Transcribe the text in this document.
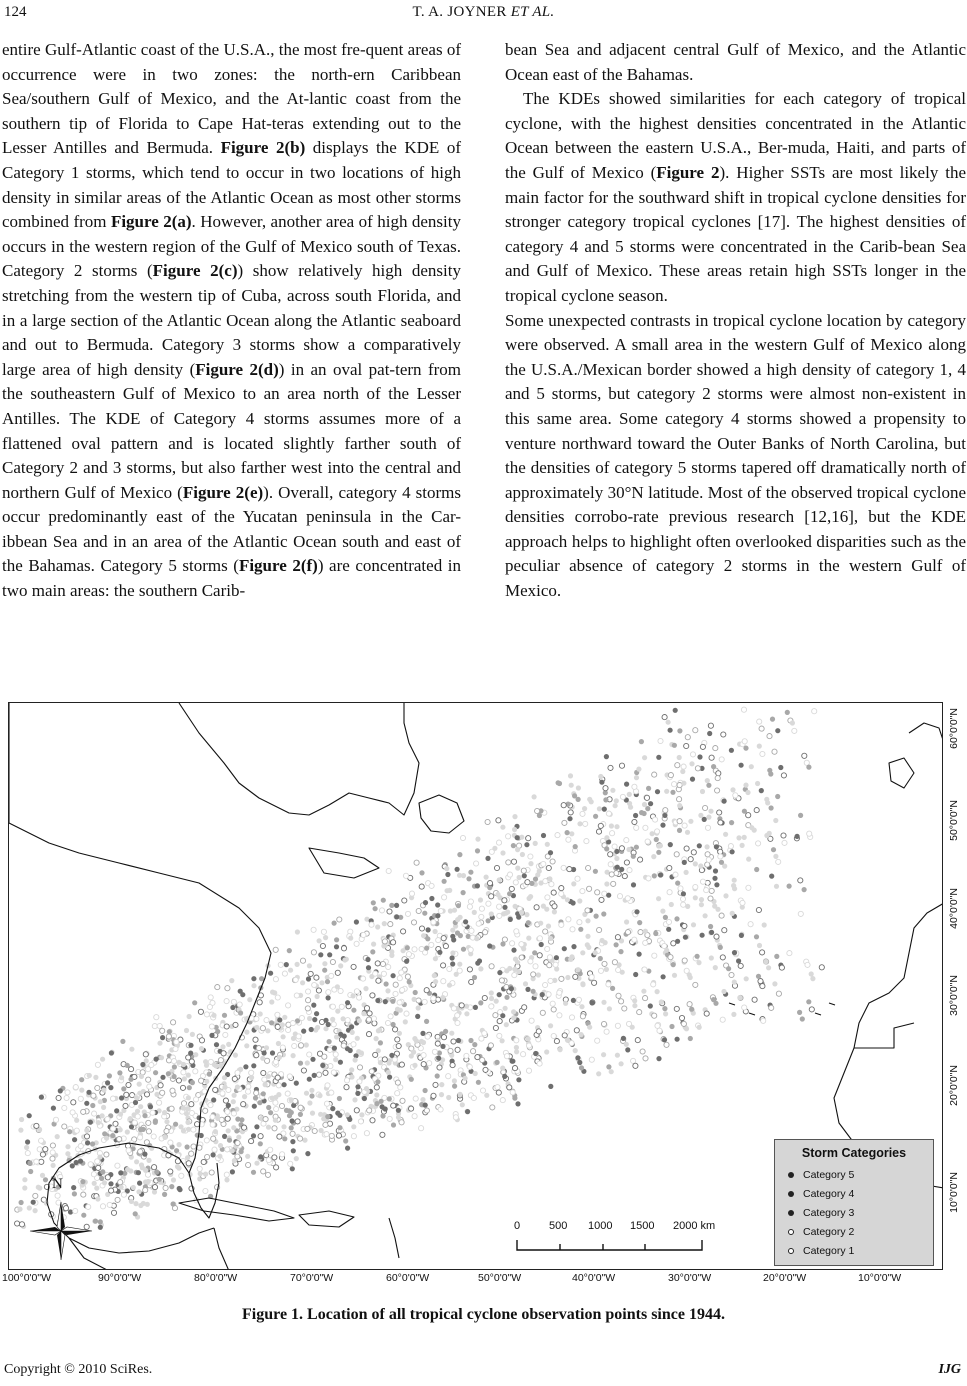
124	T. A. JOYNER ET AL.

entire Gulf-Atlantic coast of the U.S.A., the most fre-quent areas of occurrence were in two zones: the north-ern Caribbean Sea/southern Gulf of Mexico, and the At-lantic coast from the southern tip of Florida to Cape Hat-teras extending out to the Lesser Antilles and Bermuda. Figure 2(b) displays the KDE of Category 1 storms, which tend to occur in two locations of high density in similar areas of the Atlantic Ocean as most other storms combined from Figure 2(a). However, another area of high density occurs in the western region of the Gulf of Mexico south of Texas. Category 2 storms (Figure 2(c)) show relatively high density stretching from the western tip of Cuba, across south Florida, and in a large section of the Atlantic Ocean along the Atlantic seaboard and out to Bermuda. Category 3 storms show a comparatively large area of high density (Figure 2(d)) in an oval pat-tern from the southeastern Gulf of Mexico to an area north of the Lesser Antilles. The KDE of Category 4 storms assumes more of a flattened oval pattern and is located slightly farther south of Category 2 and 3 storms, but also farther west into the central and northern Gulf of Mexico (Figure 2(e)). Overall, category 4 storms occur predominantly east of the Yucatan peninsula in the Car-ibbean Sea and in an area of the Atlantic Ocean south and east of the Bahamas. Category 5 storms (Figure 2(f)) are concentrated in two main areas: the southern Carib-

bean Sea and adjacent central Gulf of Mexico, and the Atlantic Ocean east of the Bahamas.

The KDEs showed similarities for each category of tropical cyclone, with the highest densities concentrated in the Atlantic Ocean between the eastern U.S.A., Ber-muda, Haiti, and parts of the Gulf of Mexico (Figure 2). Higher SSTs are most likely the main factor for the southward shift in tropical cyclone densities for stronger category tropical cyclones [17]. The highest densities of category 4 and 5 storms were concentrated in the Carib-bean Sea and Gulf of Mexico. These areas retain high SSTs longer in the tropical cyclone season.

Some unexpected contrasts in tropical cyclone location by category were observed. A small area in the western Gulf of Mexico along the U.S.A./Mexican border showed a high density of category 1, 4 and 5 storms, but category 2 storms were almost non-existent in this same area. Some category 4 storms showed a propensity to venture northward toward the Outer Banks of North Carolina, but the densities of category 5 storms tapered off dramatically north of approximately 30°N latitude. Most of the observed tropical cyclone densities corrobo-rate previous research [12,16], but the KDE approach helps to highlight often overlooked disparities such as the peculiar absence of category 2 storms in the western Gulf of Mexico.

60°0'0"N
50°0'0"N
40°0'0"N
30°0'0"N
20°0'0"N
10°0'0"N
100°0'0"W	90°0'0"W	80°0'0"W	70°0'0"W	60°0'0"W	50°0'0"W	40°0'0"W	30°0'0"W	20°0'0"W	10°0'0"W
N
0	500 1000 1500 2000 km
Storm Categories
Category 5
Category 4
Category 3
Category 2
Category 1
Figure 1. Location of all tropical cyclone observation points since 1944.
Copyright © 2010 SciRes.	IJG
